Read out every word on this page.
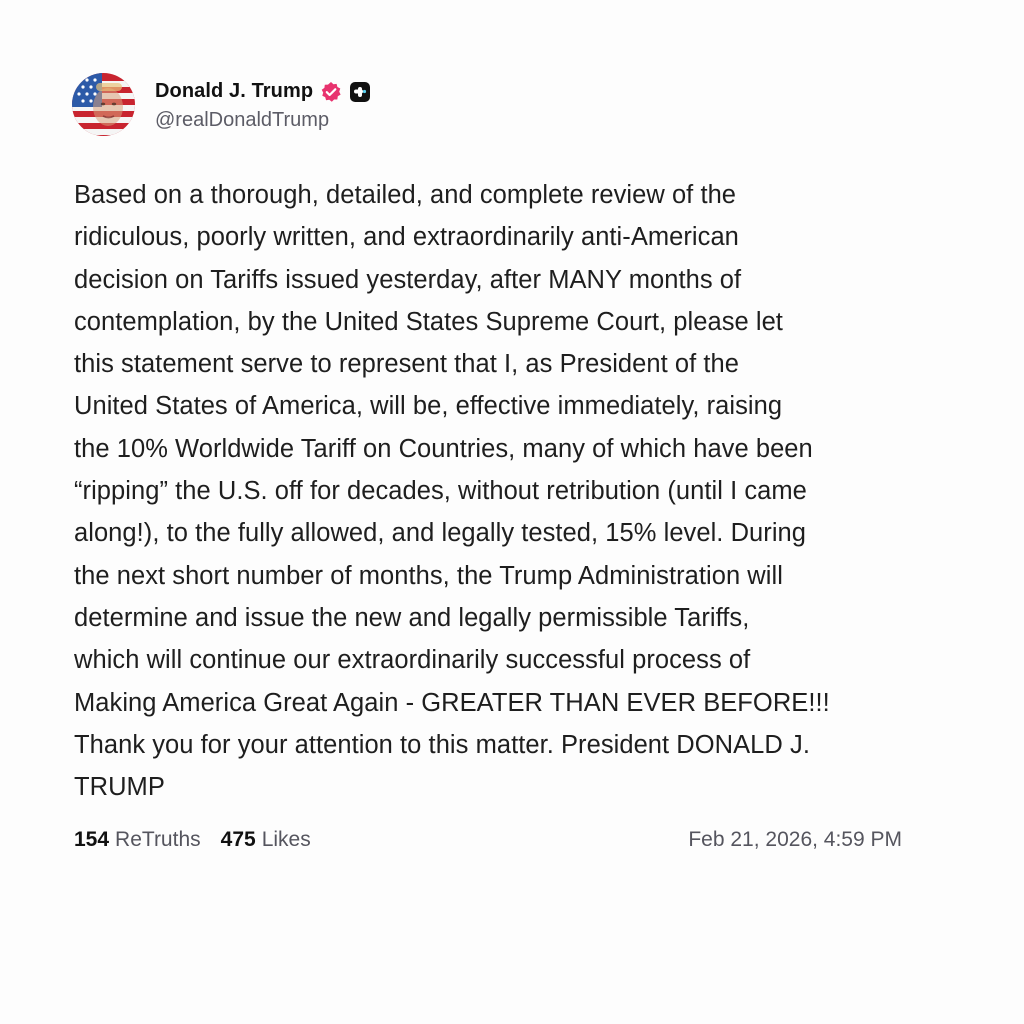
Donald J. Trump
@realDonaldTrump
Based on a thorough, detailed, and complete review of the
ridiculous, poorly written, and extraordinarily anti-American
decision on Tariffs issued yesterday, after MANY months of
contemplation, by the United States Supreme Court, please let
this statement serve to represent that I, as President of the
United States of America, will be, effective immediately, raising
the 10% Worldwide Tariff on Countries, many of which have been
“ripping” the U.S. off for decades, without retribution (until I came
along!), to the fully allowed, and legally tested, 15% level. During
the next short number of months, the Trump Administration will
determine and issue the new and legally permissible Tariffs,
which will continue our extraordinarily successful process of
Making America Great Again - GREATER THAN EVER BEFORE!!!
Thank you for your attention to this matter. President DONALD J.
TRUMP
154 ReTruths 475 Likes	Feb 21, 2026, 4:59 PM
